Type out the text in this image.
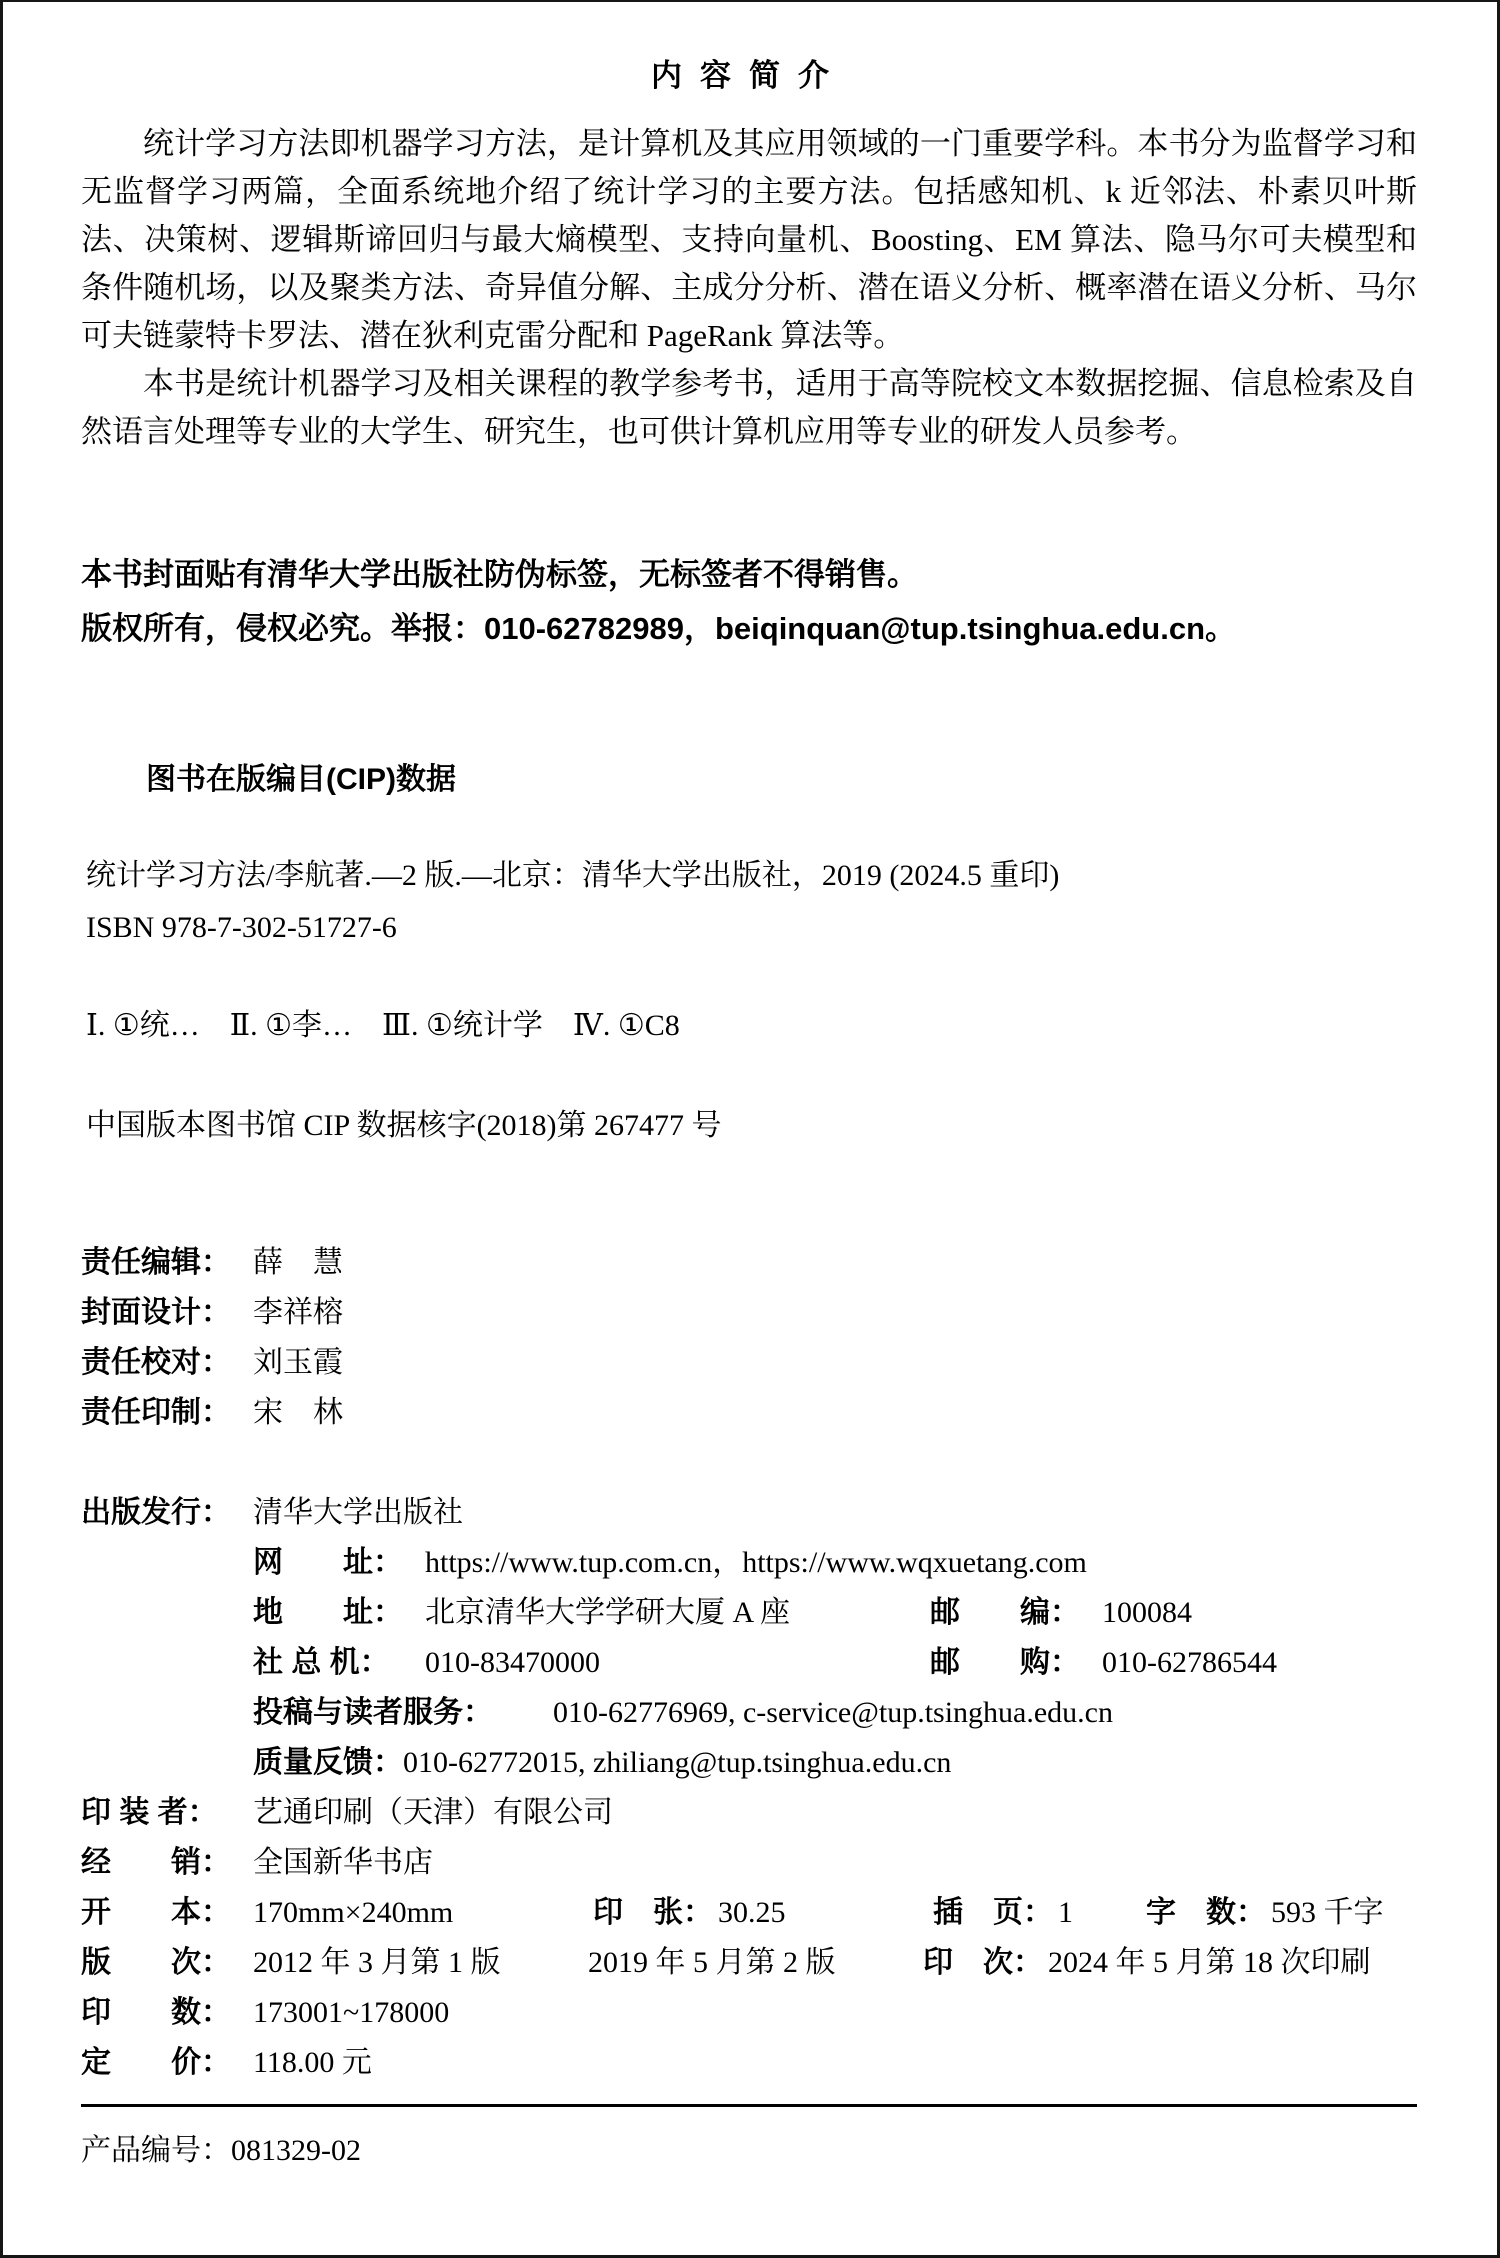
内容简介

统计学习方法即机器学习方法，是计算机及其应用领域的一门重要学科。本书分为监督学习和无监督学习两篇，全面系统地介绍了统计学习的主要方法。包括感知机、k 近邻法、朴素贝叶斯法、决策树、逻辑斯谛回归与最大熵模型、支持向量机、Boosting、EM 算法、隐马尔可夫模型和条件随机场，以及聚类方法、奇异值分解、主成分分析、潜在语义分析、概率潜在语义分析、马尔可夫链蒙特卡罗法、潜在狄利克雷分配和 PageRank 算法等。

本书是统计机器学习及相关课程的教学参考书，适用于高等院校文本数据挖掘、信息检索及自然语言处理等专业的大学生、研究生，也可供计算机应用等专业的研发人员参考。

本书封面贴有清华大学出版社防伪标签，无标签者不得销售。
版权所有，侵权必究。举报：010-62782989，beiqinquan@tup.tsinghua.edu.cn。
图书在版编目(CIP)数据
统计学习方法/李航著.—2 版.—北京：清华大学出版社，2019 (2024.5 重印)
ISBN 978-7-302-51727-6
Ⅰ. ①统…　Ⅱ. ①李…　Ⅲ. ①统计学　Ⅳ. ①C8
中国版本图书馆 CIP 数据核字(2018)第 267477 号
责任编辑： 薛　慧
封面设计： 李祥榕
责任校对： 刘玉霞
责任印制： 宋　林
出版发行： 清华大学出版社
网　　址： https://www.tup.com.cn，https://www.wqxuetang.com
地　　址： 北京清华大学学研大厦 A 座	邮　　编： 100084
社 总 机： 010-83470000	邮　　购： 010-62786544
投稿与读者服务： 010-62776969, c-service@tup.tsinghua.edu.cn
质量反馈：010-62772015, zhiliang@tup.tsinghua.edu.cn
印 装 者： 艺通印刷（天津）有限公司
经　　销： 全国新华书店
开　　本： 170mm×240mm	印　张： 30.25	插　页： 1 字　数： 593 千字
版　　次： 2012 年 3 月第 1 版	2019 年 5 月第 2 版	印　次： 2024 年 5 月第 18 次印刷
印　　数： 173001~178000
定　　价： 118.00 元
产品编号：081329-02
